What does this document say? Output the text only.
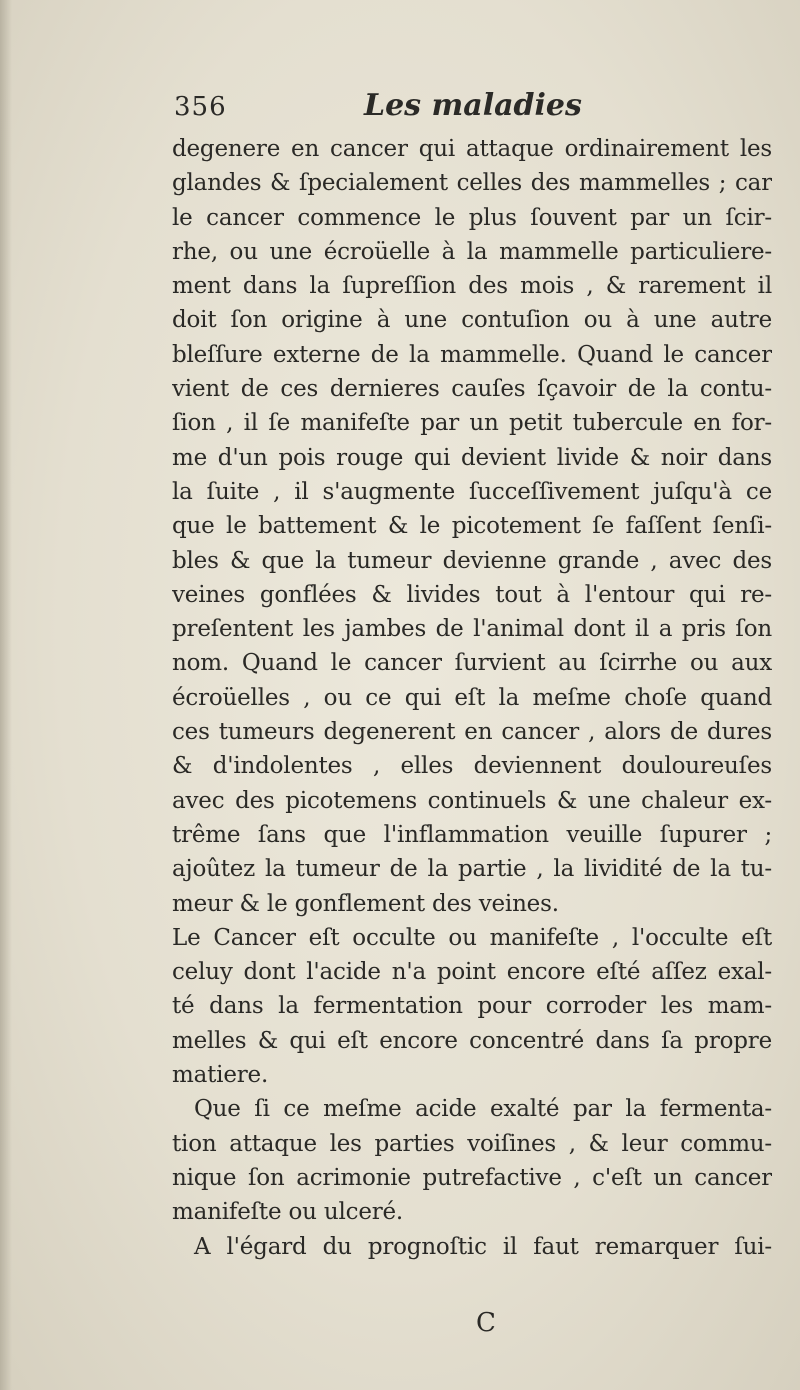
356	Les maladies
degenere en cancer qui attaque ordinairement les
glandes & ſpecialement celles des mammelles ; car
le cancer commence le plus ſouvent par un ſcir-
rhe, ou une écroüelle à la mammelle particuliere-
ment dans la ſupreſſion des mois , & rarement il
doit ſon origine à une contuſion ou à une autre
bleſſure externe de la mammelle. Quand le cancer
vient de ces dernieres cauſes ſçavoir de la contu-
ſion , il ſe manifeſte par un petit tubercule en for-
me d'un pois rouge qui devient livide & noir dans
la ſuite , il s'augmente ſucceſſivement juſqu'à ce
que le battement & le picotement ſe faſſent ſenſi-
bles & que la tumeur devienne grande , avec des
veines gonflées & livides tout à l'entour qui re-
preſentent les jambes de l'animal dont il a pris ſon
nom. Quand le cancer ſurvient au ſcirrhe ou aux
écroüelles , ou ce qui eſt la meſme choſe quand
ces tumeurs degenerent en cancer , alors de dures
& d'indolentes , elles deviennent douloureuſes
avec des picotemens continuels & une chaleur ex-
trême ſans que l'inflammation veuille ſupurer ;
ajoûtez la tumeur de la partie , la lividité de la tu-
meur & le gonflement des veines.
Le Cancer eſt occulte ou manifeſte , l'occulte eſt
celuy dont l'acide n'a point encore eſté aſſez exal-
té dans la fermentation pour corroder les mam-
melles & qui eſt encore concentré dans ſa propre
matiere.
Que ſi ce meſme acide exalté par la fermenta-
tion attaque les parties voiſines , & leur commu-
nique ſon acrimonie putrefactive , c'eſt un cancer
manifeſte ou ulceré.
A l'égard du prognoſtic il faut remarquer ſui-
C
